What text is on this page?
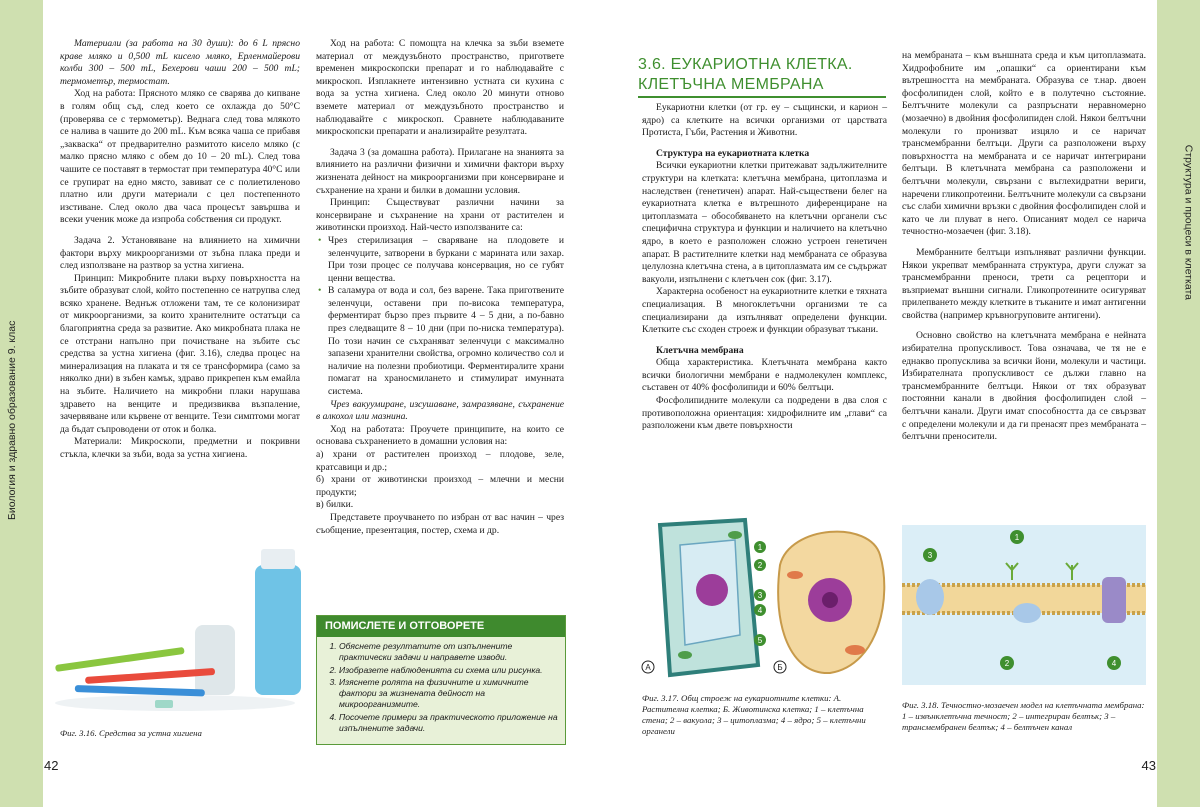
Биология и здравно образование 9. клас
42

Материали (за работа на 30 души): до 6 L прясно краве мляко и 0,500 mL кисело мляко, Ерленмайерови колби 300 – 500 mL, Бехерови чаши 200 – 500 mL; термометър, термостат.

Ход на работа: Прясното мляко се сварява до кипване в голям общ съд, след което се охлажда до 50°С (проверява се с термометър). Веднага след това млякото се налива в чашите до 200 mL. Към всяка чаша се прибавя „закваска“ от предварително размитото кисело мляко (с малко прясно мляко с обем до 10 – 20 mL). След това чашите се поставят в термостат при температура 40°С или се групират на едно място, завиват се с полиетиленово платно или други материали с цел постепенното изстиване. След около два часа процесът завършва и всеки ученик може да изпроба собствения си продукт.

Задача 2. Установяване на влиянието на химични фактори върху микроорганизми от зъбна плака преди и след използване на разтвор за устна хигиена.

Принцип: Микробните плаки върху повърхността на зъбите образуват слой, който постепенно се натрупва след всяко хранене. Веднъж отложени там, те се колонизират от микроорганизми, за които хранителните остатъци са благоприятна среда за развитие. Ако микробната плака не се отстрани напълно при почистване на зъбите със средства за устна хигиена (фиг. 3.16), следва процес на минерализация на плаката и тя се трансформира (само за няколко дни) в зъбен камък, здраво прикрепен към емайла на зъбите. Наличието на микробни плаки нарушава здравето на венците и предизвиква възпаление, зачервяване или кървене от венците. Тези симптоми могат да бъдат съпроводени от оток и болка.

Материали: Микроскопи, предметни и покривни стъкла, клечки за зъби, вода за устна хигиена.

Фиг. 3.16. Средства за устна хигиена

Ход на работа: С помощта на клечка за зъби вземете материал от междузъбното пространство, пригответе временен микроскопски препарат и го наблюдавайте с микроскоп. Изплакнете интензивно устната си кухина с вода за устна хигиена. След около 20 минути отново вземете материал от междузъбното пространство и наблюдавайте с микроскоп. Сравнете наблюдаваните микроскопски препарати и анализирайте резултата.

Задача 3 (за домашна работа). Прилагане на знанията за влиянието на различни физични и химични фактори върху жизнената дейност на микроорганизми при консервиране и съхранение на храни и билки в домашни условия.

Принцип: Съществуват различни начини за консервиране и съхранение на храни от растителен и животински произход. Най-често използваните са:

• Чрез стерилизация – сваряване на плодовете и зеленчуците, затворени в буркани с марината или захар. При този процес се получава консервация, но се губят ценни вещества.
• В саламура от вода и сол, без варене. Така приготвените зеленчуци, оставени при по-висока температура, ферментират бързо през първите 4 – 5 дни, а по-бавно през следващите 8 – 10 дни (при по-ниска температура). По този начин се съхраняват зеленчуци с максимално запазени хранителни свойства, огромно количество сол и наличие на полезни пробиотици. Ферментиралите храни помагат на храносмилането и стимулират имунната система.

Чрез вакуумиране, изсушаване, замразяване, съхранение в алкохол или мазнина.

Ход на работата: Проучете принципите, на които се основава съхранението в домашни условия на:

а) храни от растителен произход – плодове, зеле, кратсавици и др.;

б) храни от животински произход – млечни и месни продукти;

в) билки.

Представете проучването по избран от вас начин – чрез съобщение, презентация, постер, схема и др.

ПОМИСЛЕТЕ И ОТГОВОРЕТЕ
1. Обяснете резултатите от изпълнените практически задачи и направете изводи.
2. Изобразете наблюденията си схема или рисунка.
3. Изяснете ролята на физичните и химичните фактори за жизнената дейност на микроорганизмите.
4. Посочете примери за практическото приложение на изпълнените задачи.
Структура и процеси в клетката
43
3.6. ЕУКАРИОТНА КЛЕТКА. КЛЕТЪЧНА МЕМБРАНА

Еукариотни клетки (от гр. еу – същински, и карион – ядро) са клетките на всички организми от царствата Протиста, Гъби, Растения и Животни.

Структура на еукариотната клетка

Всички еукариотни клетки притежават задължителните структури на клетката: клетъчна мембрана, цитоплазма и наследствен (генетичен) апарат. Най-съществени белег на еукариотната клетка е вътрешното диференциране на цитоплазмата – обособяването на клетъчни органели със специфична структура и функции и наличието на клетъчно ядро, в което е разположен сложно устроен генетичен апарат. В растителните клетки над мембраната се образува целулозна клетъчна стена, а в цитоплазмата им се съдържат вакуоли, изпълнени с клетъчен сок (фиг. 3.17).

Характерна особеност на еукариотните клетки е тяхната специализация. В многоклетъчни организми те са специализирани да изпълняват определени функции. Клетките със сходен строеж и функции образуват тъкани.

Клетъчна мембрана

Обща характеристика. Клетъчната мембрана както всички биологични мембрани е надмолекулен комплекс, съставен от 40% фосфолипиди и 60% белтъци.

Фосфолипидните молекули са подредени в два слоя с противоположна ориентация: хидрофилните им „глави“ са разположени към двете повърхности

на мембраната – към външната среда и към цитоплазмата. Хидрофобните им „опашки“ са ориентирани към вътрешността на мембраната. Образува се т.нар. двоен фосфолипиден слой, който е в полутечно състояние. Белтъчните молекули са разпръснати неравномерно (мозаечно) в двойния фосфолипиден слой. Някои белтъчни молекули го пронизват изцяло и се наричат трансмембранни белтъци. Други са разположени върху повърхността на мембраната и се наричат интегрирани белтъци. В клетъчната мембрана са разположени и белтъчни молекули, свързани с въглехидратни вериги, наречени гликопротеини. Белтъчните молекули са свързани със слаби химични връзки с двойния фосфолипиден слой и като че ли плуват в него. Описаният модел се нарича течностно-мозаечен (фиг. 3.18).

Мембранните белтъци изпълняват различни функции. Някои укрепват мембранната структура, други служат за трансмембранни преноси, трети са рецептори и възприемат външни сигнали. Гликопротеините осигуряват прилепването между клетките в тъканите и имат антигенни свойства (например кръвногруповите антигени).

Основно свойство на клетъчната мембрана е нейната избирателна пропускливост. Това означава, че тя не е еднакво пропусклива за всички йони, молекули и частици. Избирателната пропускливост се дължи главно на трансмембранните белтъци. Някои от тях образуват постоянни канали в двойния фосфолипиден слой – белтъчни канали. Други имат способността да се свързват с определени молекули и да ги пренасят през мембраната – белтъчни преносители.

1
2
3
4
5
А	Б
Фиг. 3.17. Общ строеж на еукариотните клетки: А. Растителна клетка; Б. Животинска клетка; 1 – клетъчна стена; 2 – вакуола; 3 – цитоплазма; 4 – ядро; 5 – клетъчни органели
1
2
3
4
Фиг. 3.18. Течностно-мозаечен модел на клетъчната мембрана: 1 – извънклетъчна течност; 2 – интегриран белтък; 3 – трансмембранен белтък; 4 – белтъчен канал
